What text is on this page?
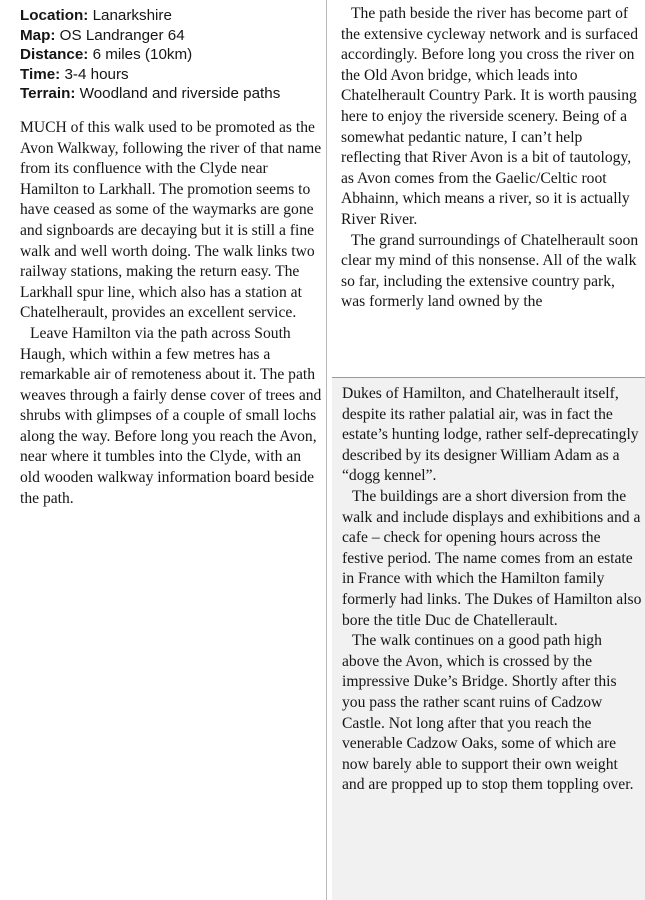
Location: Lanarkshire
Map: OS Landranger 64
Distance: 6 miles (10km)
Time: 3-4 hours
Terrain: Woodland and riverside paths

MUCH of this walk used to be promoted as the Avon Walkway, following the river of that name from its confluence with the Clyde near Hamilton to Larkhall. The promotion seems to have ceased as some of the waymarks are gone and signboards are decaying but it is still a fine walk and well worth doing. The walk links two railway stations, making the return easy. The Larkhall spur line, which also has a station at Chatelherault, provides an excellent service.

Leave Hamilton via the path across South Haugh, which within a few metres has a remarkable air of remoteness about it. The path weaves through a fairly dense cover of trees and shrubs with glimpses of a couple of small lochs along the way. Before long you reach the Avon, near where it tumbles into the Clyde, with an old wooden walkway information board beside the path.

The path beside the river has become part of the extensive cycleway network and is surfaced accordingly. Before long you cross the river on the Old Avon bridge, which leads into Chatelherault Country Park. It is worth pausing here to enjoy the riverside scenery. Being of a somewhat pedantic nature, I can’t help reflecting that River Avon is a bit of tautology, as Avon comes from the Gaelic/Celtic root Abhainn, which means a river, so it is actually River River.

The grand surroundings of Chatelherault soon clear my mind of this nonsense. All of the walk so far, including the extensive country park, was formerly land owned by the

Dukes of Hamilton, and Chatelherault itself, despite its rather palatial air, was in fact the estate’s hunting lodge, rather self-deprecatingly described by its designer William Adam as a “dogg kennel”.

The buildings are a short diversion from the walk and include displays and exhibitions and a cafe – check for opening hours across the festive period. The name comes from an estate in France with which the Hamilton family formerly had links. The Dukes of Hamilton also bore the title Duc de Chatellerault.

The walk continues on a good path high above the Avon, which is crossed by the impressive Duke’s Bridge. Shortly after this you pass the rather scant ruins of Cadzow Castle. Not long after that you reach the venerable Cadzow Oaks, some of which are now barely able to support their own weight and are propped up to stop them toppling over.
